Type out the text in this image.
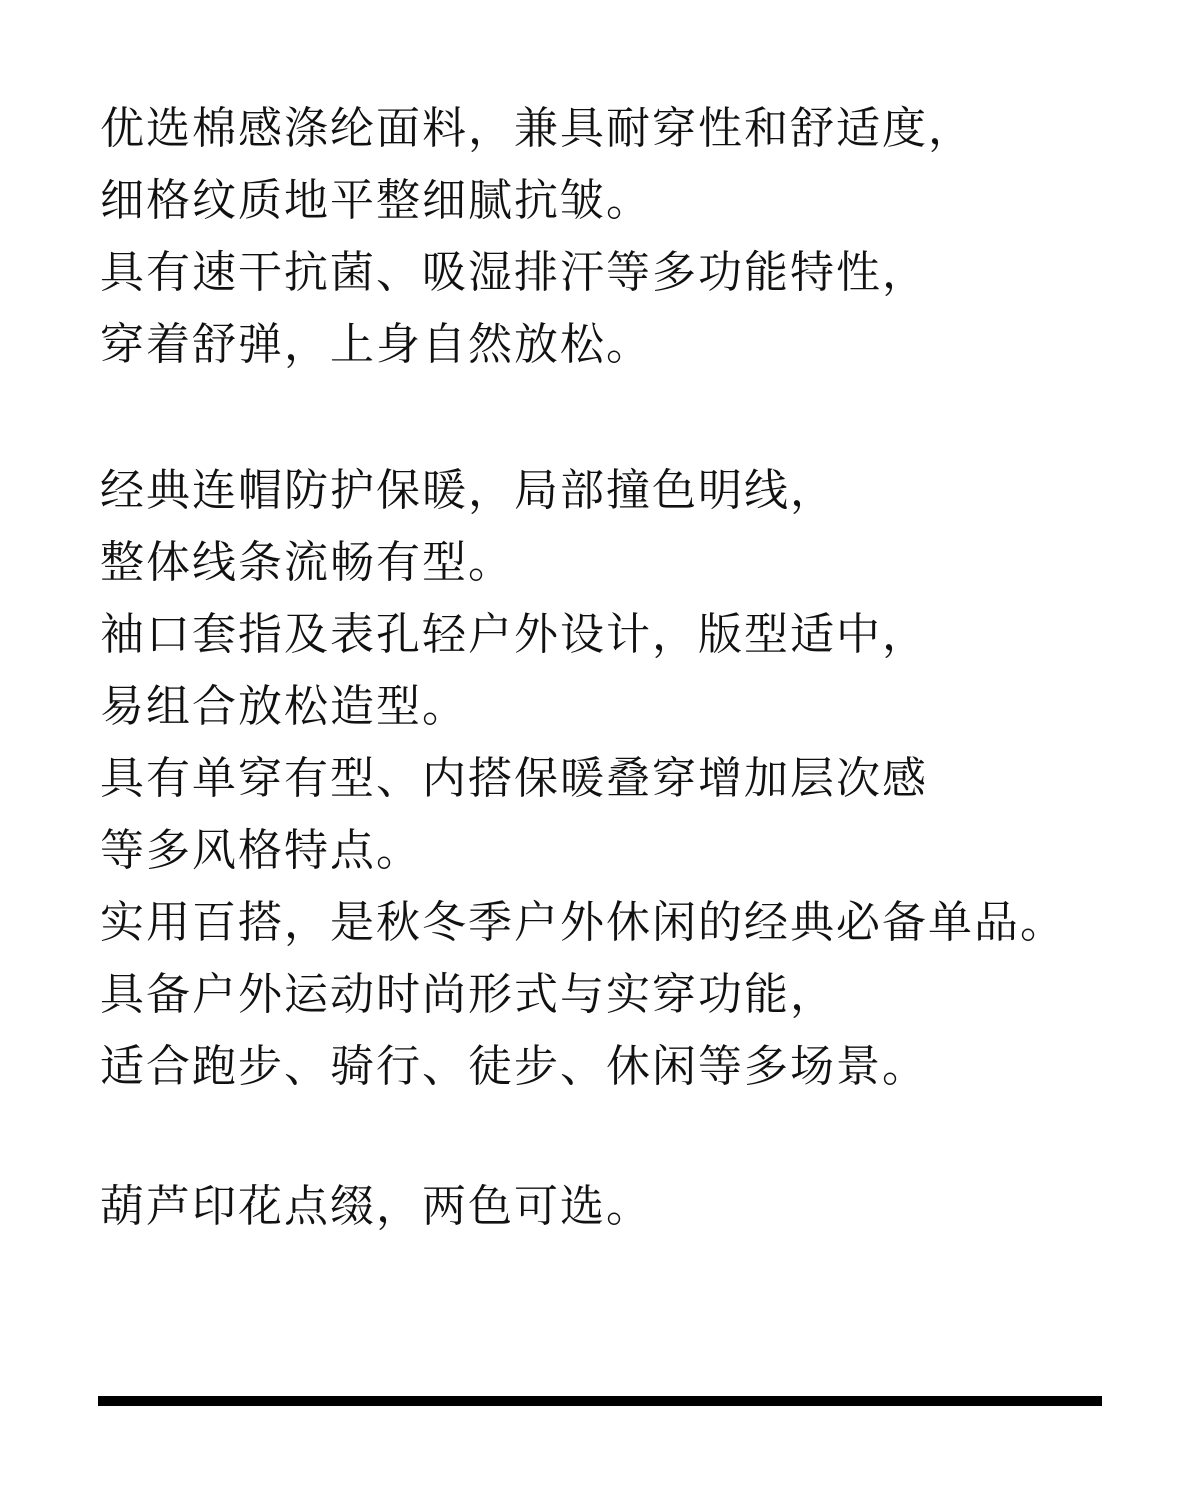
优选棉感涤纶面料，兼具耐穿性和舒适度，
细格纹质地平整细腻抗皱。
具有速干抗菌、吸湿排汗等多功能特性，
穿着舒弹，上身自然放松。
经典连帽防护保暖，局部撞色明线，
整体线条流畅有型。
袖口套指及表孔轻户外设计，版型适中，
易组合放松造型。
具有单穿有型、内搭保暖叠穿增加层次感
等多风格特点。
实用百搭，是秋冬季户外休闲的经典必备单品。
具备户外运动时尚形式与实穿功能，
适合跑步、骑行、徒步、休闲等多场景。
葫芦印花点缀，两色可选。
